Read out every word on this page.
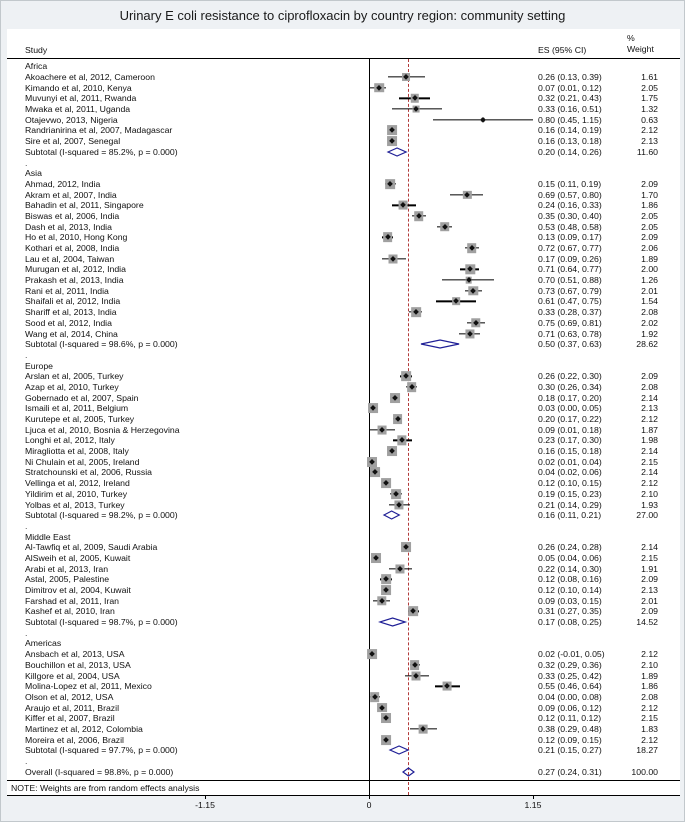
Urinary E coli resistance to ciprofloxacin by country region: community setting
Study	ES (95% CI)
%
Weight
Africa
Akoachere et al, 2012, Cameroon	0.26 (0.13, 0.39)	1.61
Kimando et al, 2010, Kenya	0.07 (0.01, 0.12)	2.05
Muvunyi et al, 2011, Rwanda	0.32 (0.21, 0.43)	1.75
Mwaka et al, 2011, Uganda	0.33 (0.16, 0.51)	1.32
Otajevwo, 2013, Nigeria	0.80 (0.45, 1.15)	0.63
Randrianirina et al, 2007, Madagascar	0.16 (0.14, 0.19)	2.12
Sire et al, 2007, Senegal	0.16 (0.13, 0.18)	2.13
Subtotal (I-squared = 85.2%, p = 0.000)	0.20 (0.14, 0.26)	11.60
.
Asia
Ahmad, 2012, India	0.15 (0.11, 0.19)	2.09
Akram et al, 2007, India	0.69 (0.57, 0.80)	1.70
Bahadin et al, 2011, Singapore	0.24 (0.16, 0.33)	1.86
Biswas et al, 2006, India	0.35 (0.30, 0.40)	2.05
Dash et al, 2013, India	0.53 (0.48, 0.58)	2.05
Ho et al, 2010, Hong Kong	0.13 (0.09, 0.17)	2.09
Kothari et al, 2008, India	0.72 (0.67, 0.77)	2.06
Lau et al, 2004, Taiwan	0.17 (0.09, 0.26)	1.89
Murugan et al, 2012, India	0.71 (0.64, 0.77)	2.00
Prakash et al, 2013, India	0.70 (0.51, 0.88)	1.26
Rani et al, 2011, India	0.73 (0.67, 0.79)	2.01
Shaifali et al, 2012, India	0.61 (0.47, 0.75)	1.54
Shariff et al, 2013, India	0.33 (0.28, 0.37)	2.08
Sood et al, 2012, India	0.75 (0.69, 0.81)	2.02
Wang et al, 2014, China	0.71 (0.63, 0.78)	1.92
Subtotal (I-squared = 98.6%, p = 0.000)	0.50 (0.37, 0.63)	28.62
.
Europe
Arslan et al, 2005, Turkey	0.26 (0.22, 0.30)	2.09
Azap et al, 2010, Turkey	0.30 (0.26, 0.34)	2.08
Gobernado et al, 2007, Spain	0.18 (0.17, 0.20)	2.14
Ismaili et al, 2011, Belgium	0.03 (0.00, 0.05)	2.13
Kurutepe et al, 2005, Turkey	0.20 (0.17, 0.22)	2.12
Ljuca et al, 2010, Bosnia & Herzegovina	0.09 (0.01, 0.18)	1.87
Longhi et al, 2012, Italy	0.23 (0.17, 0.30)	1.98
Miragliotta et al, 2008, Italy	0.16 (0.15, 0.18)	2.14
Ni Chulain et al, 2005, Ireland	0.02 (0.01, 0.04)	2.15
Stratchounski et al, 2006, Russia	0.04 (0.02, 0.06)	2.14
Vellinga et al, 2012, Ireland	0.12 (0.10, 0.15)	2.12
Yildirim et al, 2010, Turkey	0.19 (0.15, 0.23)	2.10
Yolbas et al, 2013, Turkey	0.21 (0.14, 0.29)	1.93
Subtotal (I-squared = 98.2%, p = 0.000)	0.16 (0.11, 0.21)	27.00
.
Middle East
Al-Tawfiq et al, 2009, Saudi Arabia	0.26 (0.24, 0.28)	2.14
AlSweih et al, 2005, Kuwait	0.05 (0.04, 0.06)	2.15
Arabi et al, 2013, Iran	0.22 (0.14, 0.30)	1.91
Astal, 2005, Palestine	0.12 (0.08, 0.16)	2.09
Dimitrov et al, 2004, Kuwait	0.12 (0.10, 0.14)	2.13
Farshad et al, 2011, Iran	0.09 (0.03, 0.15)	2.01
Kashef et al, 2010, Iran	0.31 (0.27, 0.35)	2.09
Subtotal (I-squared = 98.7%, p = 0.000)	0.17 (0.08, 0.25)	14.52
.
Americas
Ansbach et al, 2013, USA	0.02 (-0.01, 0.05)	2.12
Bouchillon et al, 2013, USA	0.32 (0.29, 0.36)	2.10
Killgore et al, 2004, USA	0.33 (0.25, 0.42)	1.89
Molina-Lopez et al, 2011, Mexico	0.55 (0.46, 0.64)	1.86
Olson et al, 2012, USA	0.04 (0.00, 0.08)	2.08
Araujo et al, 2011, Brazil	0.09 (0.06, 0.12)	2.12
Kiffer et al, 2007, Brazil	0.12 (0.11, 0.12)	2.15
Martinez et al, 2012, Colombia	0.38 (0.29, 0.48)	1.83
Moreira et al, 2006, Brazil	0.12 (0.09, 0.15)	2.12
Subtotal (I-squared = 97.7%, p = 0.000)	0.21 (0.15, 0.27)	18.27
.
Overall (I-squared = 98.8%, p = 0.000)	0.27 (0.24, 0.31)	100.00
NOTE: Weights are from random effects analysis
-1.15	0	1.15
